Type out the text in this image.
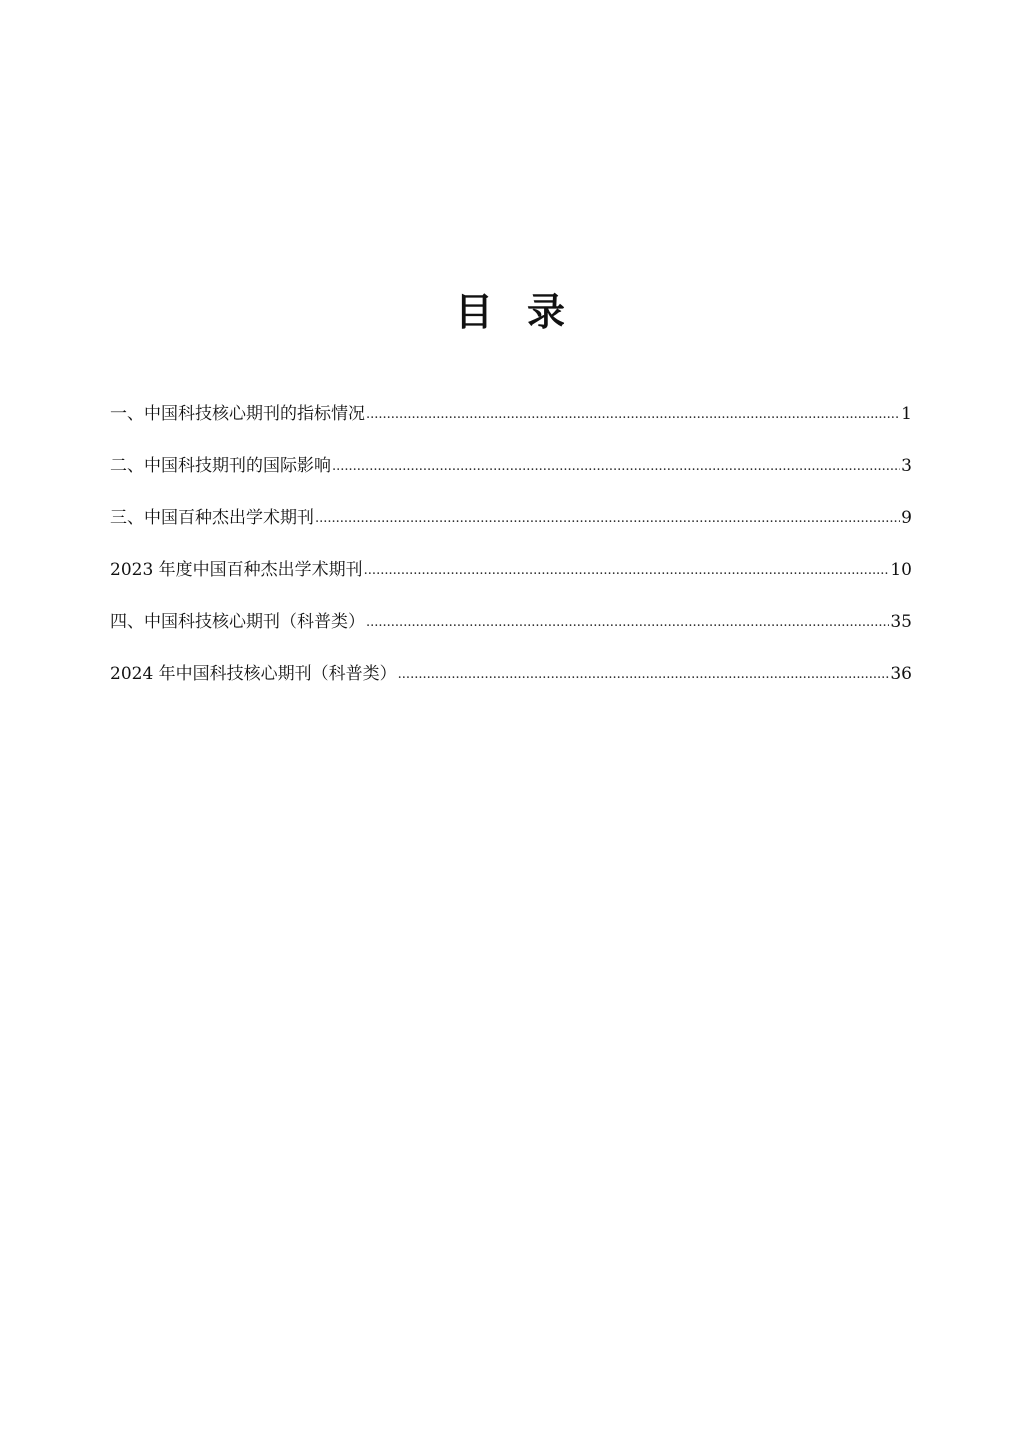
目录
一、中国科技核心期刊的指标情况 .....	1
二、中国科技期刊的国际影响 .....	3
三、中国百种杰出学术期刊 .....	9
2023 年度中国百种杰出学术期刊 .....	10
四、中国科技核心期刊（科普类） .....	35
2024 年中国科技核心期刊（科普类） .....	36
